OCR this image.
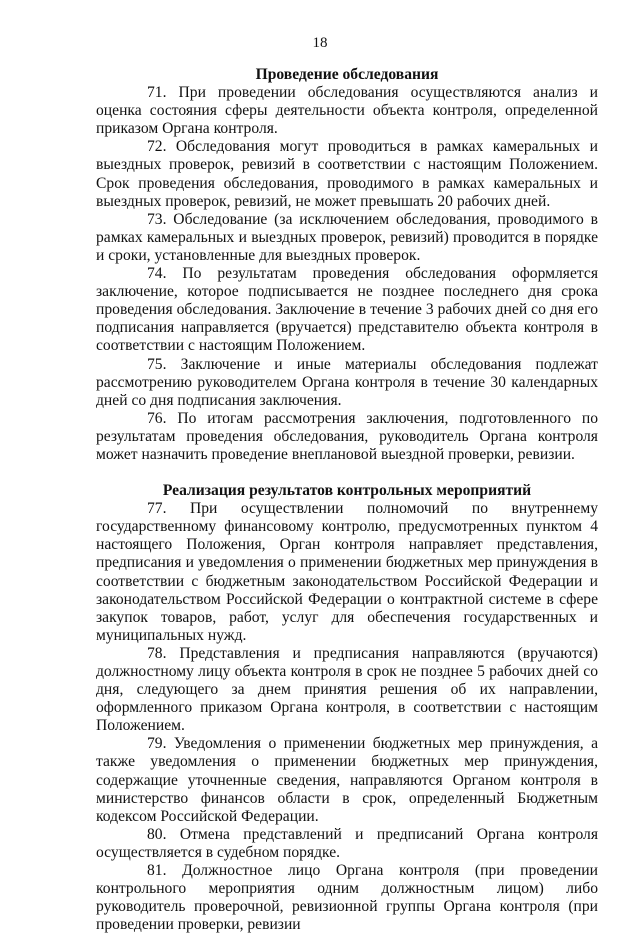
18
Проведение обследования

71. При проведении обследования осуществляются анализ и оценка состояния сферы деятельности объекта контроля, определенной приказом Органа контроля.

72. Обследования могут проводиться в рамках камеральных и выездных проверок, ревизий в соответствии с настоящим Положением. Срок проведения обследования, проводимого в рамках камеральных и выездных проверок, ревизий, не может превышать 20 рабочих дней.

73. Обследование (за исключением обследования, проводимого в рамках камеральных и выездных проверок, ревизий) проводится в порядке и сроки, установленные для выездных проверок.

74. По результатам проведения обследования оформляется заключение, которое подписывается не позднее последнего дня срока проведения обследования. Заключение в течение 3 рабочих дней со дня его подписания направляется (вручается) представителю объекта контроля в соответствии с настоящим Положением.

75. Заключение и иные материалы обследования подлежат рассмотрению руководителем Органа контроля в течение 30 календарных дней со дня подписания заключения.

76. По итогам рассмотрения заключения, подготовленного по результатам проведения обследования, руководитель Органа контроля может назначить проведение внеплановой выездной проверки, ревизии.

Реализация результатов контрольных мероприятий

77. При осуществлении полномочий по внутреннему государственному финансовому контролю, предусмотренных пунктом 4 настоящего Положения, Орган контроля направляет представления, предписания и уведомления о применении бюджетных мер принуждения в соответствии с бюджетным законодательством Российской Федерации и законодательством Российской Федерации о контрактной системе в сфере закупок товаров, работ, услуг для обеспечения государственных и муниципальных нужд.

78. Представления и предписания направляются (вручаются) должностному лицу объекта контроля в срок не позднее 5 рабочих дней со дня, следующего за днем принятия решения об их направлении, оформленного приказом Органа контроля, в соответствии с настоящим Положением.

79. Уведомления о применении бюджетных мер принуждения, а также уведомления о применении бюджетных мер принуждения, содержащие уточненные сведения, направляются Органом контроля в министерство финансов области в срок, определенный Бюджетным кодексом Российской Федерации.

80. Отмена представлений и предписаний Органа контроля осуществляется в судебном порядке.

81. Должностное лицо Органа контроля (при проведении контрольного мероприятия одним должностным лицом) либо руководитель проверочной, ревизионной группы Органа контроля (при проведении проверки, ревизии
